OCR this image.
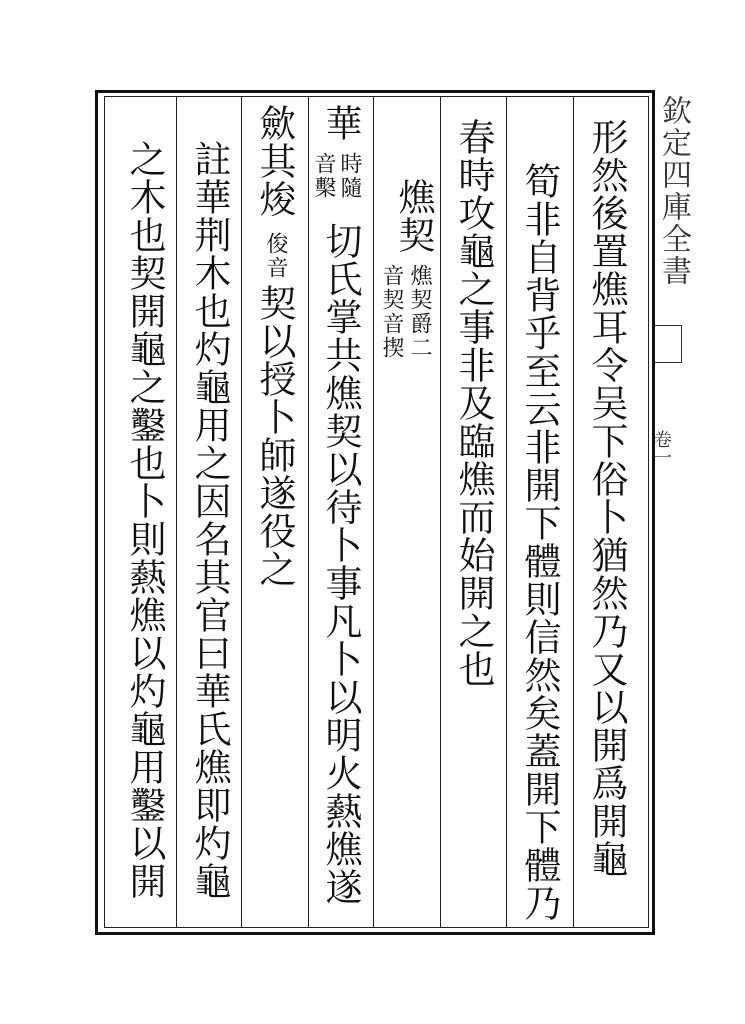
欽定四庫全書
卷一
形然後置燋耳令吴下俗卜猶然乃又以開爲開龜
筍非自背乎至云非開下體則信然矣蓋開下體乃
春時攻龜之事非及臨燋而始開之也
燋契
燋契爵二
音契音揳
華
時隨
音檕
切氏掌共燋契以待卜事凡卜以明火爇燋遂
歛其焌
俊音
契以授卜師遂役之
註華荆木也灼龜用之因名其官曰華氏燋即灼龜
之木也契開龜之鑿也卜則爇燋以灼龜用鑿以開
